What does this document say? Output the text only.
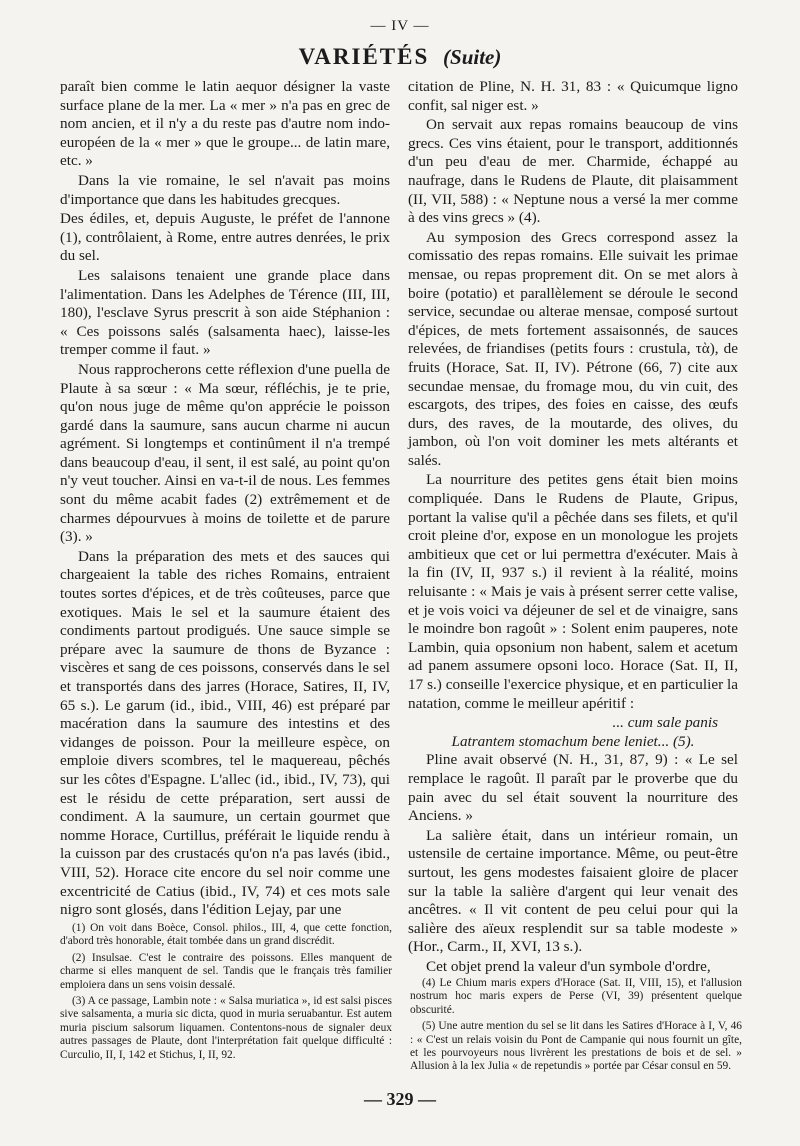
— IV —
VARIÉTÉS (Suite)

paraît bien comme le latin aequor désigner la vaste surface plane de la mer. La « mer » n'a pas en grec de nom ancien, et il n'y a du reste pas d'autre nom indo-européen de la « mer » que le groupe... de latin mare, etc. »

Dans la vie romaine, le sel n'avait pas moins d'importance que dans les habitudes grecques.

Des édiles, et, depuis Auguste, le préfet de l'annone (1), contrôlaient, à Rome, entre autres denrées, le prix du sel.

Les salaisons tenaient une grande place dans l'alimentation. Dans les Adelphes de Térence (III, III, 180), l'esclave Syrus prescrit à son aide Stéphanion : « Ces poissons salés (salsamenta haec), laisse-les tremper comme il faut. »

Nous rapprocherons cette réflexion d'une puella de Plaute à sa sœur : « Ma sœur, réfléchis, je te prie, qu'on nous juge de même qu'on apprécie le poisson gardé dans la saumure, sans aucun charme ni aucun agrément. Si longtemps et continûment il n'a trempé dans beaucoup d'eau, il sent, il est salé, au point qu'on n'y veut toucher. Ainsi en va-t-il de nous. Les femmes sont du même acabit fades (2) extrêmement et de charmes dépourvues à moins de toilette et de parure (3). »

Dans la préparation des mets et des sauces qui chargeaient la table des riches Romains, entraient toutes sortes d'épices, et de très coûteuses, parce que exotiques. Mais le sel et la saumure étaient des condiments partout prodigués. Une sauce simple se prépare avec la saumure de thons de Byzance : viscères et sang de ces poissons, conservés dans le sel et transportés dans des jarres (Horace, Satires, II, IV, 65 s.). Le garum (id., ibid., VIII, 46) est préparé par macération dans la saumure des intestins et des vidanges de poisson. Pour la meilleure espèce, on emploie divers scombres, tel le maquereau, pêchés sur les côtes d'Espagne. L'allec (id., ibid., IV, 73), qui est le résidu de cette préparation, sert aussi de condiment. A la saumure, un certain gourmet que nomme Horace, Curtillus, préférait le liquide rendu à la cuisson par des crustacés qu'on n'a pas lavés (ibid., VIII, 52). Horace cite encore du sel noir comme une excentricité de Catius (ibid., IV, 74) et ces mots sale nigro sont glosés, dans l'édition Lejay, par une

citation de Pline, N. H. 31, 83 : « Quicumque ligno confit, sal niger est. »

On servait aux repas romains beaucoup de vins grecs. Ces vins étaient, pour le transport, additionnés d'un peu d'eau de mer. Charmide, échappé au naufrage, dans le Rudens de Plaute, dit plaisamment (II, VII, 588) : « Neptune nous a versé la mer comme à des vins grecs » (4).

Au symposion des Grecs correspond assez la comissatio des repas romains. Elle suivait les primae mensae, ou repas proprement dit. On se met alors à boire (potatio) et parallèlement se déroule le second service, secundae ou alterae mensae, composé surtout d'épices, de mets fortement assaisonnés, de sauces relevées, de friandises (petits fours : crustula, τὰ), de fruits (Horace, Sat. II, IV). Pétrone (66, 7) cite aux secundae mensae, du fromage mou, du vin cuit, des escargots, des tripes, des foies en caisse, des œufs durs, des raves, de la moutarde, des olives, du jambon, où l'on voit dominer les mets altérants et salés.

La nourriture des petites gens était bien moins compliquée. Dans le Rudens de Plaute, Gripus, portant la valise qu'il a pêchée dans ses filets, et qu'il croit pleine d'or, expose en un monologue les projets ambitieux que cet or lui permettra d'exécuter. Mais à la fin (IV, II, 937 s.) il revient à la réalité, moins reluisante : « Mais je vais à présent serrer cette valise, et je vois voici va déjeuner de sel et de vinaigre, sans le moindre bon ragoût » : Solent enim pauperes, note Lambin, quia opsonium non habent, salem et acetum ad panem assumere opsoni loco. Horace (Sat. II, II, 17 s.) conseille l'exercice physique, et en particulier la natation, comme le meilleur apéritif :

... cum sale panis

Latrantem stomachum bene leniet... (5).

Pline avait observé (N. H., 31, 87, 9) : « Le sel remplace le ragoût. Il paraît par le proverbe que du pain avec du sel était souvent la nourriture des Anciens. »

La salière était, dans un intérieur romain, un ustensile de certaine importance. Même, ou peut-être surtout, les gens modestes faisaient gloire de placer sur la table la salière d'argent qui leur venait des ancêtres. « Il vit content de peu celui pour qui la salière des aïeux resplendit sur sa table modeste » (Hor., Carm., II, XVI, 13 s.).

Cet objet prend la valeur d'un symbole d'ordre,

(1) On voit dans Boèce, Consol. philos., III, 4, que cette fonction, d'abord très honorable, était tombée dans un grand discrédit.

(2) Insulsae. C'est le contraire des poissons. Elles manquent de charme si elles manquent de sel. Tandis que le français très familier emploiera dans un sens voisin dessalé.

(3) A ce passage, Lambin note : « Salsa muriatica », id est salsi pisces sive salsamenta, a muria sic dicta, quod in muria seruabantur. Est autem muria piscium salsorum liquamen. Contentons-nous de signaler deux autres passages de Plaute, dont l'interprétation fait quelque difficulté : Curculio, II, I, 142 et Stichus, I, II, 92.

(4) Le Chium maris expers d'Horace (Sat. II, VIII, 15), et l'allusion nostrum hoc maris expers de Perse (VI, 39) présentent quelque obscurité.

(5) Une autre mention du sel se lit dans les Satires d'Horace à I, V, 46 : « C'est un relais voisin du Pont de Campanie qui nous fournit un gîte, et les pourvoyeurs nous livrèrent les prestations de bois et de sel. » Allusion à la lex Julia « de repetundis » portée par César consul en 59.

— 329 —
